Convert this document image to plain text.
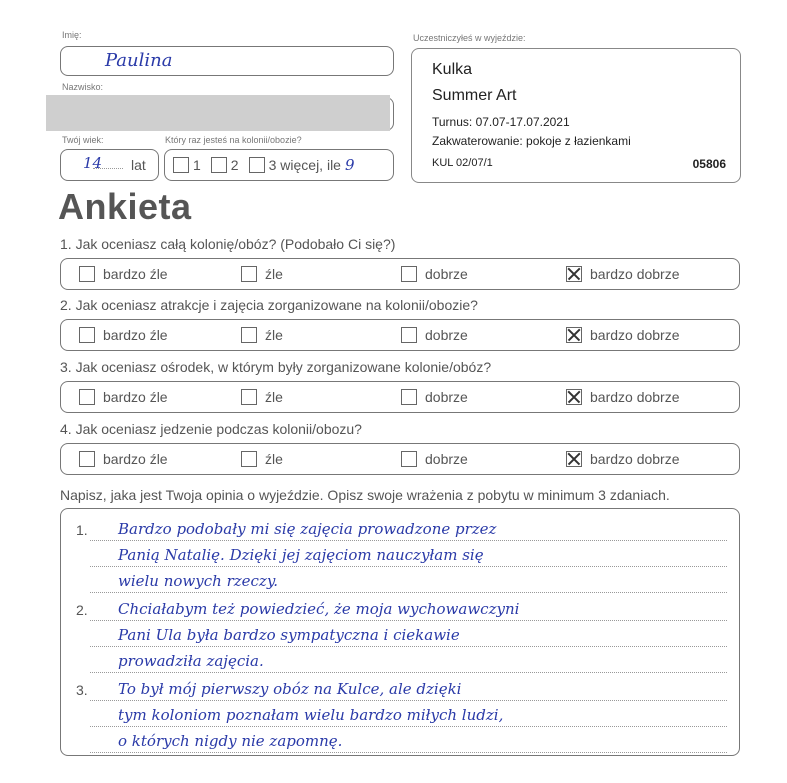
Imię:
Paulina
Nazwisko:
Twój wiek:	Który raz jesteś na kolonii/obozie?
14 lat	1 2 3 więcej, ile 9
Uczestniczyłeś w wyjeździe:
Kulka
Summer Art
Turnus: 07.07-17.07.2021
Zakwaterowanie: pokoje z łazienkami
KUL 02/07/1	05806
Ankieta
1. Jak oceniasz całą kolonię/obóz? (Podobało Ci się?)
bardzo źle	źle	dobrze	bardzo dobrze
2. Jak oceniasz atrakcje i zajęcia zorganizowane na kolonii/obozie?
bardzo źle	źle	dobrze	bardzo dobrze
3. Jak oceniasz ośrodek, w którym były zorganizowane kolonie/obóz?
bardzo źle	źle	dobrze	bardzo dobrze
4. Jak oceniasz jedzenie podczas kolonii/obozu?
bardzo źle	źle	dobrze	bardzo dobrze
Napisz, jaka jest Twoja opinia o wyjeździe. Opisz swoje wrażenia z pobytu w minimum 3 zdaniach.
1. Bardzo podobały mi się zajęcia prowadzone przez
Panią Natalię. Dzięki jej zajęciom nauczyłam się
wielu nowych rzeczy.
2. Chciałabym też powiedzieć, że moja wychowawczyni
Pani Ula była bardzo sympatyczna i ciekawie
prowadziła zajęcia.
3. To był mój pierwszy obóz na Kulce, ale dzięki
tym koloniom poznałam wielu bardzo miłych ludzi,
o których nigdy nie zapomnę.
